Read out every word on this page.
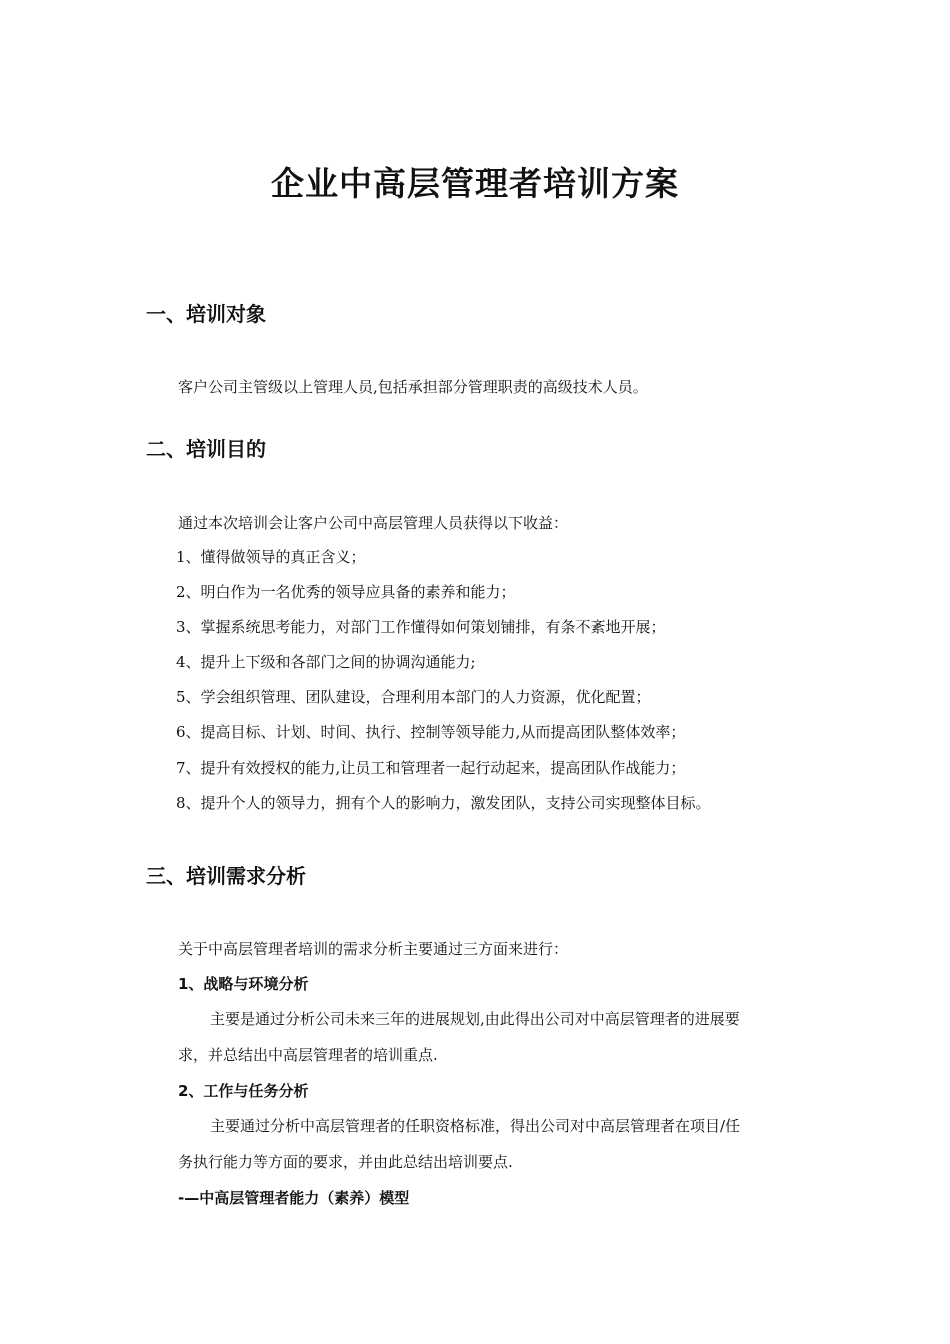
企业中高层管理者培训方案
一、培训对象
客户公司主管级以上管理人员,包括承担部分管理职责的高级技术人员。
二、培训目的
通过本次培训会让客户公司中高层管理人员获得以下收益：
1、懂得做领导的真正含义；
2、明白作为一名优秀的领导应具备的素养和能力；
3、掌握系统思考能力，对部门工作懂得如何策划铺排，有条不紊地开展；
4、提升上下级和各部门之间的协调沟通能力;
5、学会组织管理、团队建设，合理利用本部门的人力资源，优化配置；
6、提高目标、计划、时间、执行、控制等领导能力,从而提高团队整体效率；
7、提升有效授权的能力,让员工和管理者一起行动起来，提高团队作战能力；
8、提升个人的领导力，拥有个人的影响力，激发团队，支持公司实现整体目标。
三、培训需求分析
关于中高层管理者培训的需求分析主要通过三方面来进行：
1、战略与环境分析
主要是通过分析公司未来三年的进展规划,由此得出公司对中高层管理者的进展要
求，并总结出中高层管理者的培训重点.
2、工作与任务分析
主要通过分析中高层管理者的任职资格标准，得出公司对中高层管理者在项目/任
务执行能力等方面的要求，并由此总结出培训要点.
-—中高层管理者能力（素养）模型
